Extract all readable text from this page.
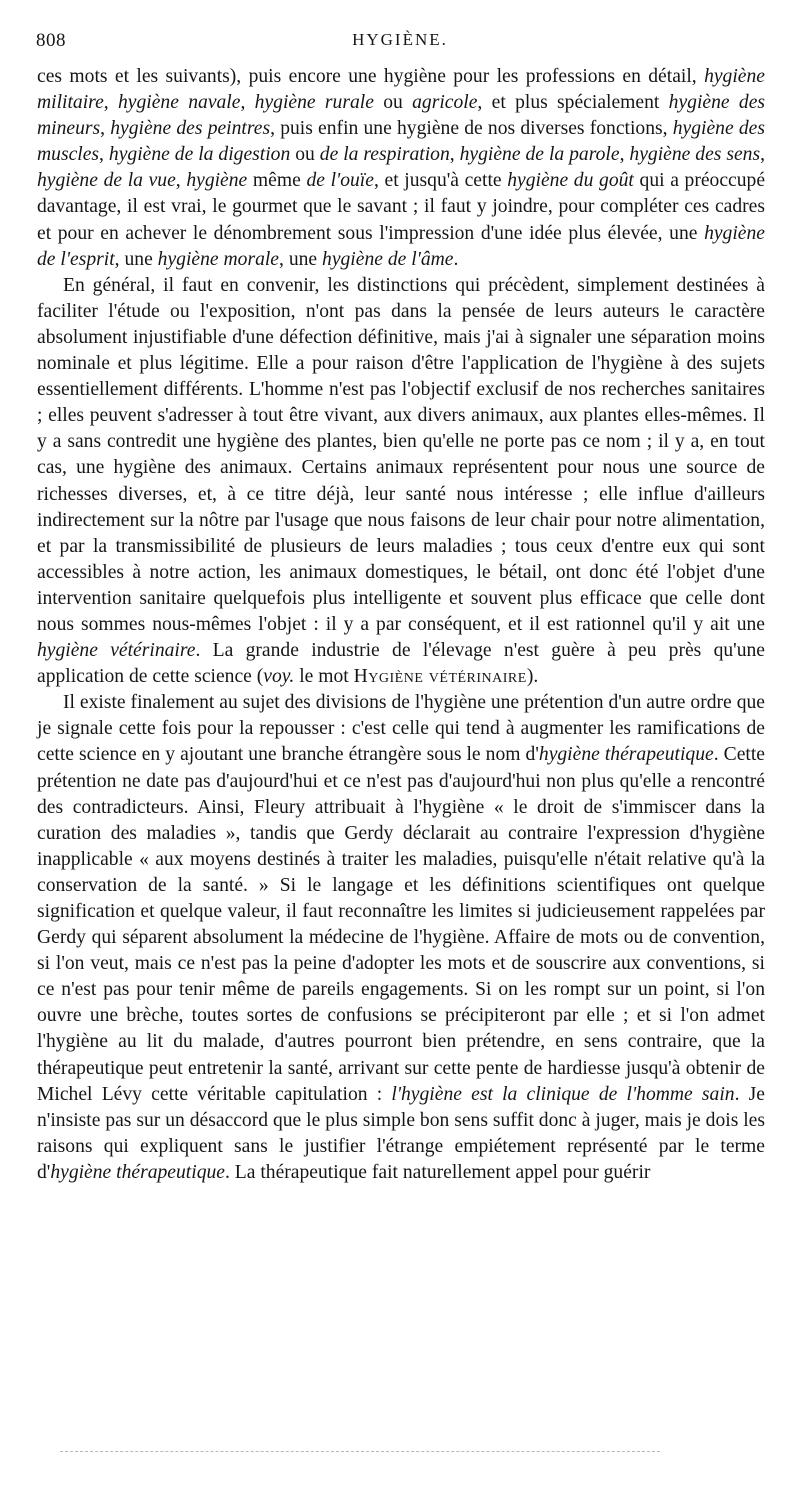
808	HYGIÈNE.

ces mots et les suivants), puis encore une hygiène pour les professions en détail, hygiène militaire, hygiène navale, hygiène rurale ou agricole, et plus spécialement hygiène des mineurs, hygiène des peintres, puis enfin une hygiène de nos diverses fonctions, hygiène des muscles, hygiène de la digestion ou de la respiration, hygiène de la parole, hygiène des sens, hygiène de la vue, hygiène même de l'ouïe, et jusqu'à cette hygiène du goût qui a préoccupé davantage, il est vrai, le gourmet que le savant ; il faut y joindre, pour compléter ces cadres et pour en achever le dénombrement sous l'impression d'une idée plus élevée, une hygiène de l'esprit, une hygiène morale, une hygiène de l'âme.

En général, il faut en convenir, les distinctions qui précèdent, simplement destinées à faciliter l'étude ou l'exposition, n'ont pas dans la pensée de leurs auteurs le caractère absolument injustifiable d'une défection définitive, mais j'ai à signaler une séparation moins nominale et plus légitime. Elle a pour raison d'être l'application de l'hygiène à des sujets essentiellement différents. L'homme n'est pas l'objectif exclusif de nos recherches sanitaires ; elles peuvent s'adresser à tout être vivant, aux divers animaux, aux plantes elles-mêmes. Il y a sans contredit une hygiène des plantes, bien qu'elle ne porte pas ce nom ; il y a, en tout cas, une hygiène des animaux. Certains animaux représentent pour nous une source de richesses diverses, et, à ce titre déjà, leur santé nous intéresse ; elle influe d'ailleurs indirectement sur la nôtre par l'usage que nous faisons de leur chair pour notre alimentation, et par la transmissibilité de plusieurs de leurs maladies ; tous ceux d'entre eux qui sont accessibles à notre action, les animaux domestiques, le bétail, ont donc été l'objet d'une intervention sanitaire quelquefois plus intelligente et souvent plus efficace que celle dont nous sommes nous-mêmes l'objet : il y a par conséquent, et il est rationnel qu'il y ait une hygiène vétérinaire. La grande industrie de l'élevage n'est guère à peu près qu'une application de cette science (voy. le mot Hygiène vétérinaire).

Il existe finalement au sujet des divisions de l'hygiène une prétention d'un autre ordre que je signale cette fois pour la repousser : c'est celle qui tend à augmenter les ramifications de cette science en y ajoutant une branche étrangère sous le nom d'hygiène thérapeutique. Cette prétention ne date pas d'aujourd'hui et ce n'est pas d'aujourd'hui non plus qu'elle a rencontré des contradicteurs. Ainsi, Fleury attribuait à l'hygiène « le droit de s'immiscer dans la curation des maladies », tandis que Gerdy déclarait au contraire l'expression d'hygiène inapplicable « aux moyens destinés à traiter les maladies, puisqu'elle n'était relative qu'à la conservation de la santé. » Si le langage et les définitions scientifiques ont quelque signification et quelque valeur, il faut reconnaître les limites si judicieusement rappelées par Gerdy qui séparent absolument la médecine de l'hygiène. Affaire de mots ou de convention, si l'on veut, mais ce n'est pas la peine d'adopter les mots et de souscrire aux conventions, si ce n'est pas pour tenir même de pareils engagements. Si on les rompt sur un point, si l'on ouvre une brèche, toutes sortes de confusions se précipiteront par elle ; et si l'on admet l'hygiène au lit du malade, d'autres pourront bien prétendre, en sens contraire, que la thérapeutique peut entretenir la santé, arrivant sur cette pente de hardiesse jusqu'à obtenir de Michel Lévy cette véritable capitulation : l'hygiène est la clinique de l'homme sain. Je n'insiste pas sur un désaccord que le plus simple bon sens suffit donc à juger, mais je dois les raisons qui expliquent sans le justifier l'étrange empiétement représenté par le terme d'hygiène thérapeutique. La thérapeutique fait naturellement appel pour guérir
